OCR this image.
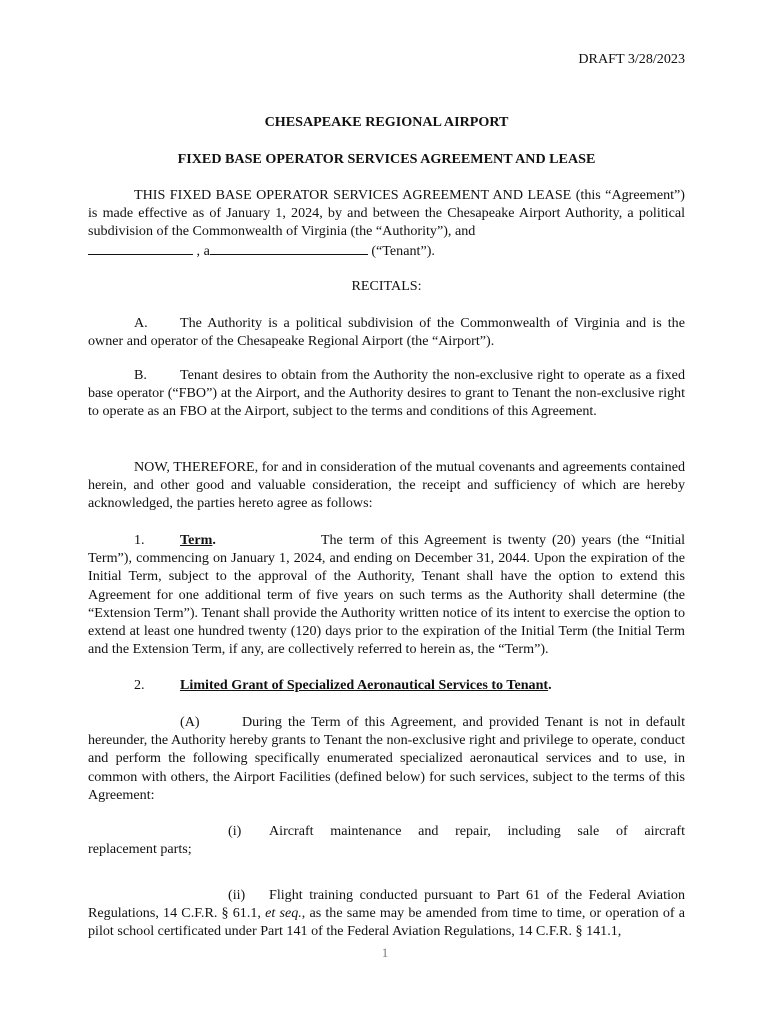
DRAFT 3/28/2023
CHESAPEAKE REGIONAL AIRPORT
FIXED BASE OPERATOR SERVICES AGREEMENT AND LEASE

THIS FIXED BASE OPERATOR SERVICES AGREEMENT AND LEASE (this “Agreement”) is made effective as of January 1, 2024, by and between the Chesapeake Airport Authority, a political subdivision of the Commonwealth of Virginia (the “Authority”), and
, a	(“Tenant”).

RECITALS:

A. The Authority is a political subdivision of the Commonwealth of Virginia and is the owner and operator of the Chesapeake Regional Airport (the “Airport”).

B. Tenant desires to obtain from the Authority the non-exclusive right to operate as a fixed base operator (“FBO”) at the Airport, and the Authority desires to grant to Tenant the non-exclusive right to operate as an FBO at the Airport, subject to the terms and conditions of this Agreement.

NOW, THEREFORE, for and in consideration of the mutual covenants and agreements contained herein, and other good and valuable consideration, the receipt and sufficiency of which are hereby acknowledged, the parties hereto agree as follows:

1.	Term.	The term of this Agreement is twenty (20) years (the “Initial Term”), commencing on January 1, 2024, and ending on December 31, 2044. Upon the expiration of the Initial Term, subject to the approval of the Authority, Tenant shall have the option to extend this Agreement for one additional term of five years on such terms as the Authority shall determine (the “Extension Term”). Tenant shall provide the Authority written notice of its intent to exercise the option to extend at least one hundred twenty (120) days prior to the expiration of the Initial Term (the Initial Term and the Extension Term, if any, are collectively referred to herein as, the “Term”).

2.	Limited Grant of Specialized Aeronautical Services to Tenant.

(A)	During the Term of this Agreement, and provided Tenant is not in default hereunder, the Authority hereby grants to Tenant the non-exclusive right and privilege to operate, conduct and perform the following specifically enumerated specialized aeronautical services and to use, in common with others, the Airport Facilities (defined below) for such services, subject to the terms of this Agreement:

(i) Aircraft maintenance and repair, including sale of aircraft

replacement parts;

(ii) Flight training conducted pursuant to Part 61 of the Federal Aviation Regulations, 14 C.F.R. § 61.1, et seq., as the same may be amended from time to time, or operation of a pilot school certificated under Part 141 of the Federal Aviation Regulations, 14 C.F.R. § 141.1,

1
